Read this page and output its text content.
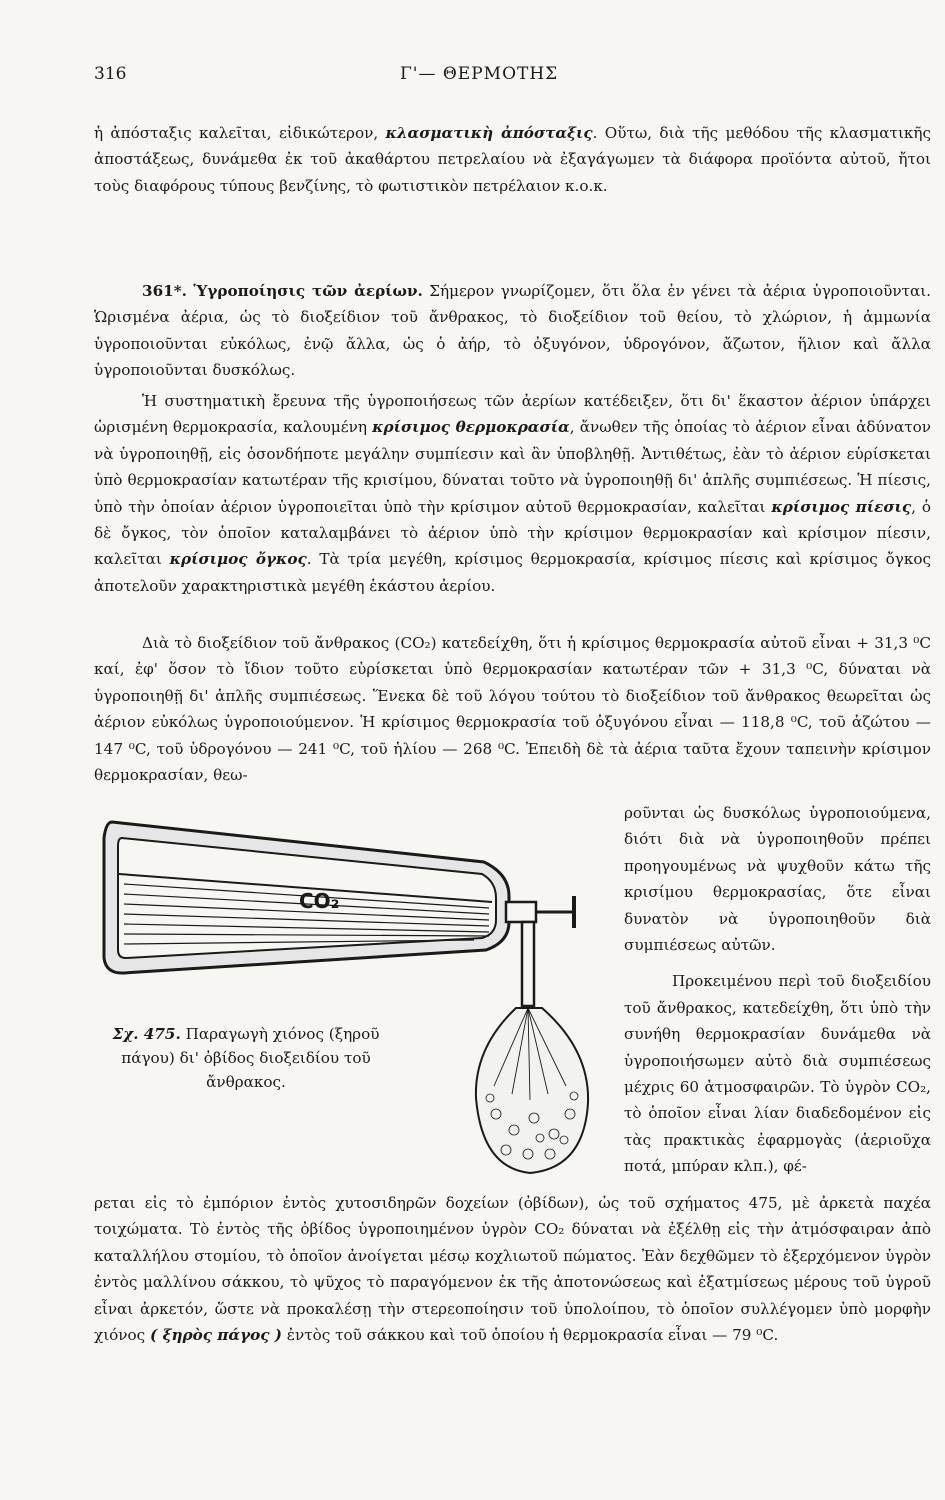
316	Γ'— ΘΕΡΜΟΤΗΣ

ἡ ἀπόσταξις καλεῖται, εἰδικώτερον, κλασματικὴ ἀπόσταξις. Οὕτω, διὰ τῆς μεθόδου τῆς κλασματικῆς ἀποστάξεως, δυνάμεθα ἐκ τοῦ ἀκαθάρτου πετρελαίου νὰ ἐξαγάγωμεν τὰ διάφορα προϊόντα αὐτοῦ, ἤτοι τοὺς διαφόρους τύπους βενζίνης, τὸ φωτιστικὸν πετρέλαιον κ.ο.κ.

361*. Ὑγροποίησις τῶν ἀερίων. Σήμερον γνωρίζομεν, ὅτι ὅλα ἐν γένει τὰ ἀέρια ὑγροποιοῦνται. Ὡρισμένα ἀέρια, ὡς τὸ διοξείδιον τοῦ ἄνθρακος, τὸ διοξείδιον τοῦ θείου, τὸ χλώριον, ἡ ἀμμωνία ὑγροποιοῦνται εὐκόλως, ἐνῷ ἄλλα, ὡς ὁ ἀήρ, τὸ ὀξυγόνον, ὑδρογόνον, ἄζωτον, ἥλιον καὶ ἄλλα ὑγροποιοῦνται δυσκόλως.

Ἡ συστηματικὴ ἔρευνα τῆς ὑγροποιήσεως τῶν ἀερίων κατέδειξεν, ὅτι δι' ἕκαστον ἀέριον ὑπάρχει ὡρισμένη θερμοκρασία, καλουμένη κρίσιμος θερμοκρασία, ἄνωθεν τῆς ὁποίας τὸ ἀέριον εἶναι ἀδύνατον νὰ ὑγροποιηθῇ, εἰς ὁσονδήποτε μεγάλην συμπίεσιν καὶ ἂν ὑποβληθῇ. Ἀντιθέτως, ἐὰν τὸ ἀέριον εὑρίσκεται ὑπὸ θερμοκρασίαν κατωτέραν τῆς κρισίμου, δύναται τοῦτο νὰ ὑγροποιηθῇ δι' ἁπλῆς συμπιέσεως. Ἡ πίεσις, ὑπὸ τὴν ὁποίαν ἀέριον ὑγροποιεῖται ὑπὸ τὴν κρίσιμον αὐτοῦ θερμοκρασίαν, καλεῖται κρίσιμος πίεσις, ὁ δὲ ὄγκος, τὸν ὁποῖον καταλαμβάνει τὸ ἀέριον ὑπὸ τὴν κρίσιμον θερμοκρασίαν καὶ κρίσιμον πίεσιν, καλεῖται κρίσιμος ὄγκος. Τὰ τρία μεγέθη, κρίσιμος θερμοκρασία, κρίσιμος πίεσις καὶ κρίσιμος ὄγκος ἀποτελοῦν χαρακτηριστικὰ μεγέθη ἑκάστου ἀερίου.

Διὰ τὸ διοξείδιον τοῦ ἄνθρακος (CO₂) κατεδείχθη, ὅτι ἡ κρίσιμος θερμοκρασία αὐτοῦ εἶναι + 31,3 ⁰C καί, ἐφ' ὅσον τὸ ἴδιον τοῦτο εὑρίσκεται ὑπὸ θερμοκρασίαν κατωτέραν τῶν + 31,3 ⁰C, δύναται νὰ ὑγροποιηθῇ δι' ἁπλῆς συμπιέσεως. Ἕνεκα δὲ τοῦ λόγου τούτου τὸ διοξείδιον τοῦ ἄνθρακος θεωρεῖται ὡς ἀέριον εὐκόλως ὑγροποιούμενον. Ἡ κρίσιμος θερμοκρασία τοῦ ὀξυγόνου εἶναι — 118,8 ⁰C, τοῦ ἀζώτου — 147 ⁰C, τοῦ ὑδρογόνου — 241 ⁰C, τοῦ ἡλίου — 268 ⁰C. Ἐπειδὴ δὲ τὰ ἀέρια ταῦτα ἔχουν ταπεινὴν κρίσιμον θερμοκρασίαν, θεω-

ροῦνται ὡς δυσκόλως ὑγροποιούμενα, διότι διὰ νὰ ὑγροποιηθοῦν πρέπει προηγουμένως νὰ ψυχθοῦν κάτω τῆς κρισίμου θερμοκρασίας, ὅτε εἶναι δυνατὸν νὰ ὑγροποιηθοῦν διὰ συμπιέσεως αὐτῶν.

Προκειμένου περὶ τοῦ διοξειδίου τοῦ ἄνθρακος, κατεδείχθη, ὅτι ὑπὸ τὴν συνήθη θερμοκρασίαν δυνάμεθα νὰ ὑγροποιήσωμεν αὐτὸ διὰ συμπιέσεως μέχρις 60 ἀτμοσφαιρῶν. Τὸ ὑγρὸν CO₂, τὸ ὁποῖον εἶναι λίαν διαδεδομένον εἰς τὰς πρακτικὰς ἐφαρμογὰς (ἀεριοῦχα ποτά, μπύραν κλπ.), φέ-

CO₂
Σχ. 475. Παραγωγὴ χιόνος (ξηροῦ πάγου) δι' ὀβίδος διοξειδίου τοῦ ἄνθρακος.

ρεται εἰς τὸ ἐμπόριον ἐντὸς χυτοσιδηρῶν δοχείων (ὀβίδων), ὡς τοῦ σχήματος 475, μὲ ἀρκετὰ παχέα τοιχώματα. Τὸ ἐντὸς τῆς ὀβίδος ὑγροποιημένον ὑγρὸν CO₂ δύναται νὰ ἐξέλθῃ εἰς τὴν ἀτμόσφαιραν ἀπὸ καταλλήλου στομίου, τὸ ὁποῖον ἀνοίγεται μέσῳ κοχλιωτοῦ πώματος. Ἐὰν δεχθῶμεν τὸ ἐξερχόμενον ὑγρὸν ἐντὸς μαλλίνου σάκκου, τὸ ψῦχος τὸ παραγόμενον ἐκ τῆς ἀποτονώσεως καὶ ἐξατμίσεως μέρους τοῦ ὑγροῦ εἶναι ἀρκετόν, ὥστε νὰ προκαλέσῃ τὴν στερεοποίησιν τοῦ ὑπολοίπου, τὸ ὁποῖον συλλέγομεν ὑπὸ μορφὴν χιόνος ( ξηρὸς πάγος ) ἐντὸς τοῦ σάκκου καὶ τοῦ ὁποίου ἡ θερμοκρασία εἶναι — 79 ⁰C.
